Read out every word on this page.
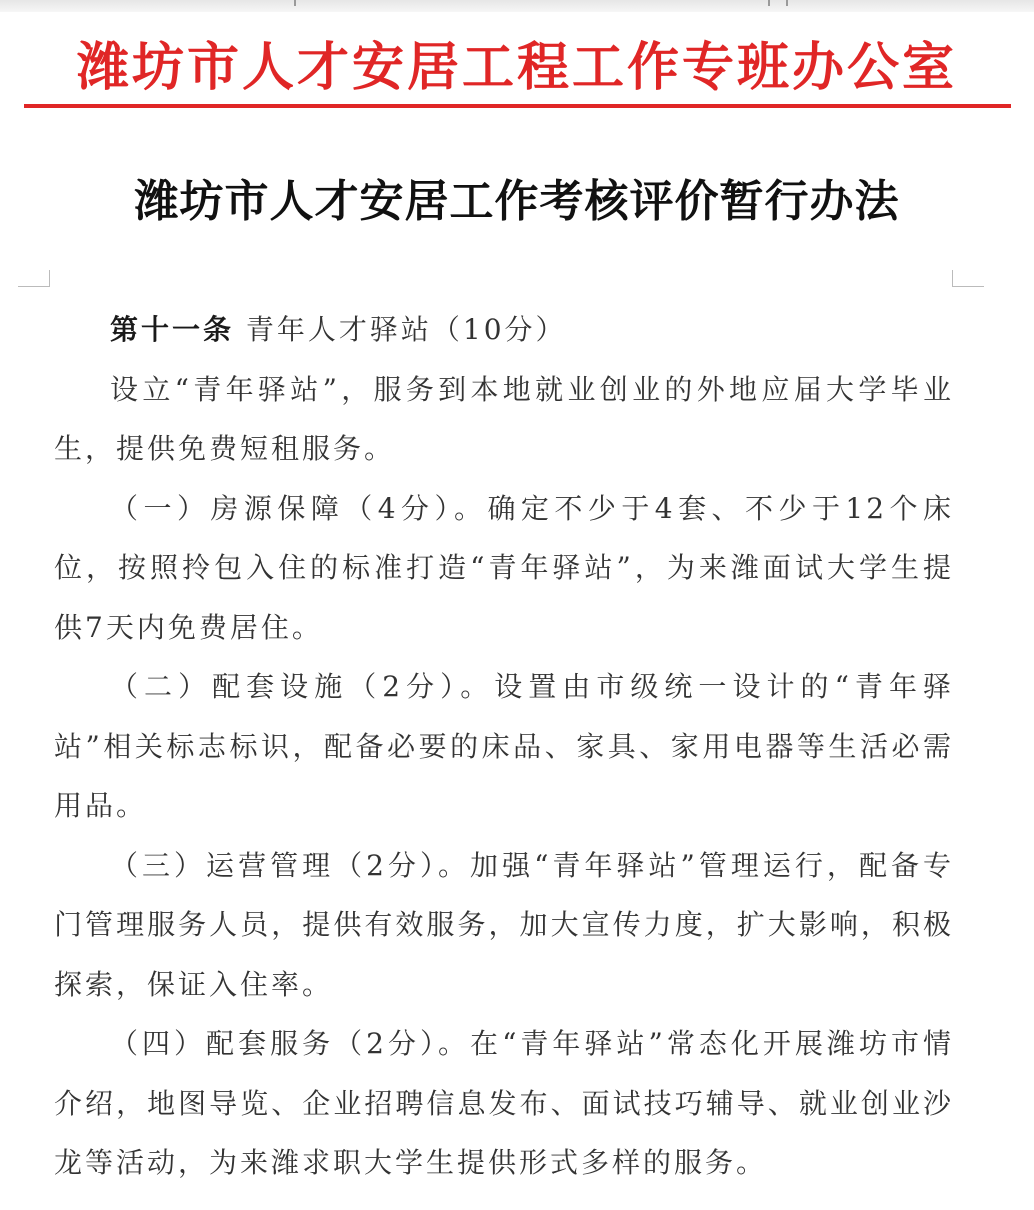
潍坊市人才安居工程工作专班办公室
潍坊市人才安居工作考核评价暂行办法

第十一条 青年人才驿站（10分）

设立“青年驿站”，服务到本地就业创业的外地应届大学毕业生，提供免费短租服务。

（一）房源保障（4分）。确定不少于4套、不少于12个床位，按照拎包入住的标准打造“青年驿站”，为来潍面试大学生提供7天内免费居住。

（二）配套设施（2分）。设置由市级统一设计的“青年驿站”相关标志标识，配备必要的床品、家具、家用电器等生活必需用品。

（三）运营管理（2分）。加强“青年驿站”管理运行，配备专门管理服务人员，提供有效服务，加大宣传力度，扩大影响，积极探索，保证入住率。

（四）配套服务（2分）。在“青年驿站”常态化开展潍坊市情介绍，地图导览、企业招聘信息发布、面试技巧辅导、就业创业沙龙等活动，为来潍求职大学生提供形式多样的服务。
